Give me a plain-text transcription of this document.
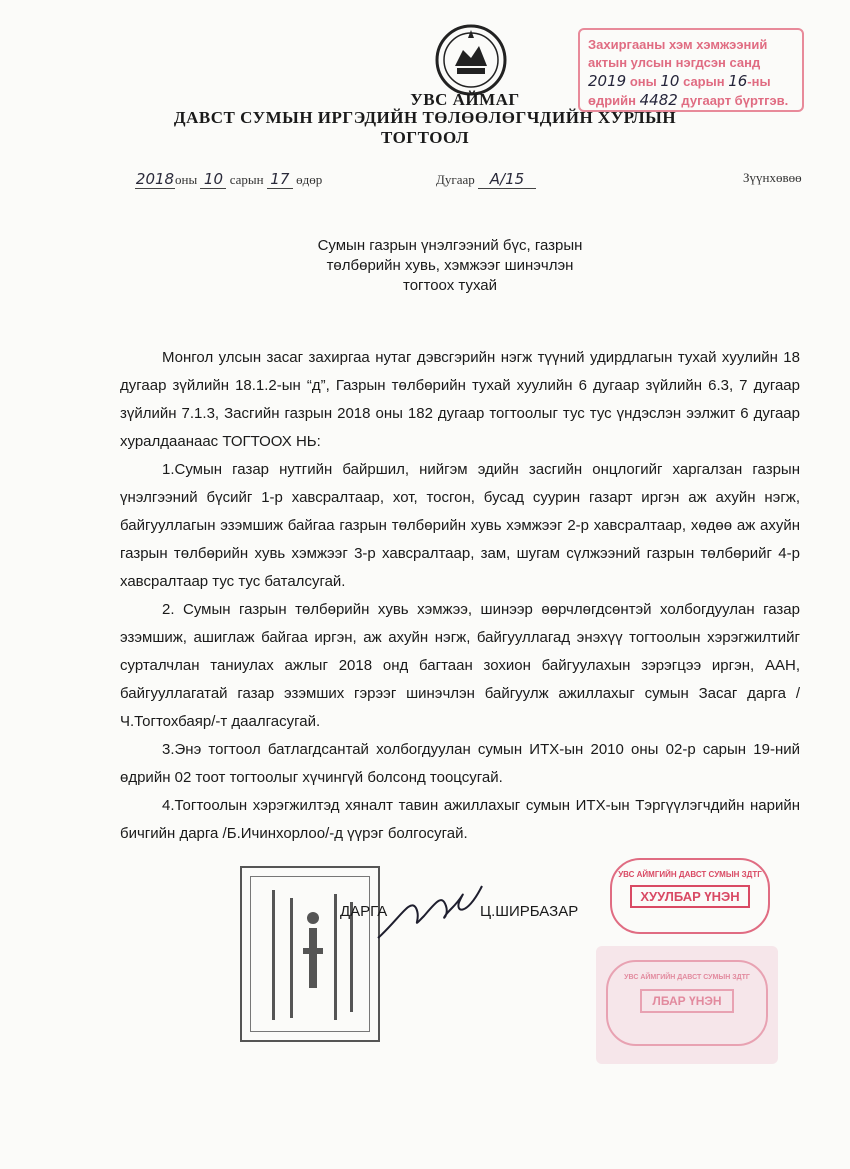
УВС АЙМАГ
ДАВСТ СУМЫН ИРГЭДИЙН ТӨЛӨӨЛӨГЧДИЙН ХУРЛЫН
ТОГТООЛ
Захиргааны хэм хэмжээний
актын улсын нэгдсэн санд
2019 оны 10 сарын 16-ны
өдрийн 4482 дугаарт бүртгэв.
2018оны 10 сарын 17 өдөр	Дугаар A/15	Зүүнхөвөө
Сумын газрын үнэлгээний бүс, газрын
төлбөрийн хувь, хэмжээг шинэчлэн
тогтоох тухай

Монгол улсын засаг захиргаа нутаг дэвсгэрийн нэгж түүний удирдлагын тухай хуулийн 18 дугаар зүйлийн 18.1.2-ын “д”, Газрын төлбөрийн тухай хуулийн 6 дугаар зүйлийн 6.3, 7 дугаар зүйлийн 7.1.3, Засгийн газрын 2018 оны 182 дугаар тогтоолыг тус тус үндэслэн ээлжит 6 дугаар хуралдаанаас ТОГТООХ НЬ:

1.Сумын газар нутгийн байршил, нийгэм эдийн засгийн онцлогийг харгалзан газрын үнэлгээний бүсийг 1-р хавсралтаар, хот, тосгон, бусад суурин газарт иргэн аж ахуйн нэгж, байгууллагын эзэмшиж байгаа газрын төлбөрийн хувь хэмжээг 2-р хавсралтаар, хөдөө аж ахуйн газрын төлбөрийн хувь хэмжээг 3-р хавсралтаар, зам, шугам сүлжээний газрын төлбөрийг 4-р хавсралтаар тус тус баталсугай.

2. Сумын газрын төлбөрийн хувь хэмжээ, шинээр өөрчлөгдсөнтэй холбогдуулан газар эзэмшиж, ашиглаж байгаа иргэн, аж ахуйн нэгж, байгууллагад энэхүү тогтоолын хэрэгжилтийг сурталчлан таниулах ажлыг 2018 онд багтаан зохион байгуулахын зэрэгцээ иргэн, ААН, байгууллагатай газар эзэмших гэрээг шинэчлэн байгуулж ажиллахыг сумын Засаг дарга /Ч.Тогтохбаяр/-т даалгасугай.

3.Энэ тогтоол батлагдсантай холбогдуулан сумын ИТХ-ын 2010 оны 02-р сарын 19-ний өдрийн 02 тоот тогтоолыг хүчингүй болсонд тооцсугай.

4.Тогтоолын хэрэгжилтэд хяналт тавин ажиллахыг сумын ИТХ-ын Тэргүүлэгчдийн нарийн бичгийн дарга /Б.Ичинхорлоо/-д үүрэг болгосугай.

ДАРГА	Ц.ШИРБАЗАР
УВС АЙМГИЙН ДАВСТ СУМЫН ЗДТГ
ХУУЛБАР ҮНЭН
УВС АЙМГИЙН ДАВСТ СУМЫН ЗДТГ
ЛБАР ҮНЭН
